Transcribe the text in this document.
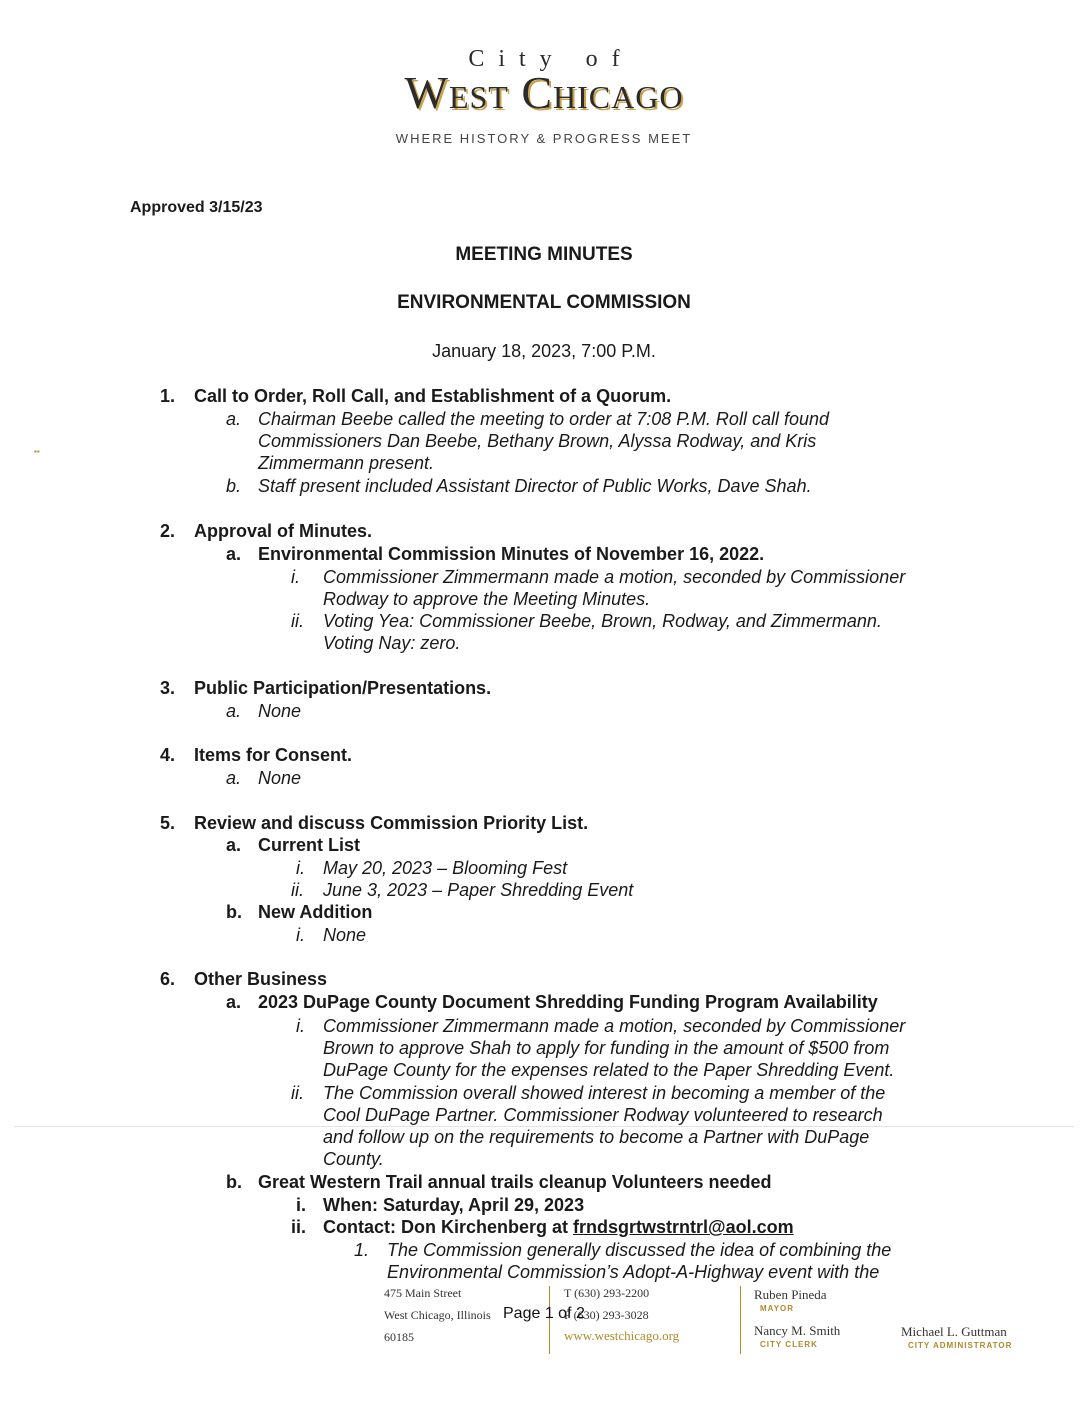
City of
West Chicago
WHERE HISTORY & PROGRESS MEET
Approved 3/15/23
MEETING MINUTES
ENVIRONMENTAL COMMISSION
January 18, 2023, 7:00 P.M.
▪▪
1. Call to Order, Roll Call, and Establishment of a Quorum.
a. Chairman Beebe called the meeting to order at 7:08 P.M. Roll call found
Commissioners Dan Beebe, Bethany Brown, Alyssa Rodway, and Kris
Zimmermann present.
b. Staff present included Assistant Director of Public Works, Dave Shah.
2. Approval of Minutes.
a. Environmental Commission Minutes of November 16, 2022.
i. Commissioner Zimmermann made a motion, seconded by Commissioner
Rodway to approve the Meeting Minutes.
ii. Voting Yea: Commissioner Beebe, Brown, Rodway, and Zimmermann.
Voting Nay: zero.
3. Public Participation/Presentations.
a. None
4. Items for Consent.
a. None
5. Review and discuss Commission Priority List.
a. Current List
i. May 20, 2023 – Blooming Fest
ii. June 3, 2023 – Paper Shredding Event
b. New Addition
i. None
6. Other Business
a. 2023 DuPage County Document Shredding Funding Program Availability
i. Commissioner Zimmermann made a motion, seconded by Commissioner
Brown to approve Shah to apply for funding in the amount of $500 from
DuPage County for the expenses related to the Paper Shredding Event.
ii. The Commission overall showed interest in becoming a member of the
Cool DuPage Partner. Commissioner Rodway volunteered to research
and follow up on the requirements to become a Partner with DuPage
County.
b. Great Western Trail annual trails cleanup Volunteers needed
i. When: Saturday, April 29, 2023
ii. Contact: Don Kirchenberg at frndsgrtwstrntrl@aol.com
1. The Commission generally discussed the idea of combining the
Environmental Commission’s Adopt-A-Highway event with the
475 Main Street
West Chicago, Illinois
60185
T (630) 293-2200
F (630) 293-3028
www.westchicago.org
Ruben Pineda
MAYOR
Nancy M. Smith
CITY CLERK
Michael L. Guttman
CITY ADMINISTRATOR
Page 1 of 2
